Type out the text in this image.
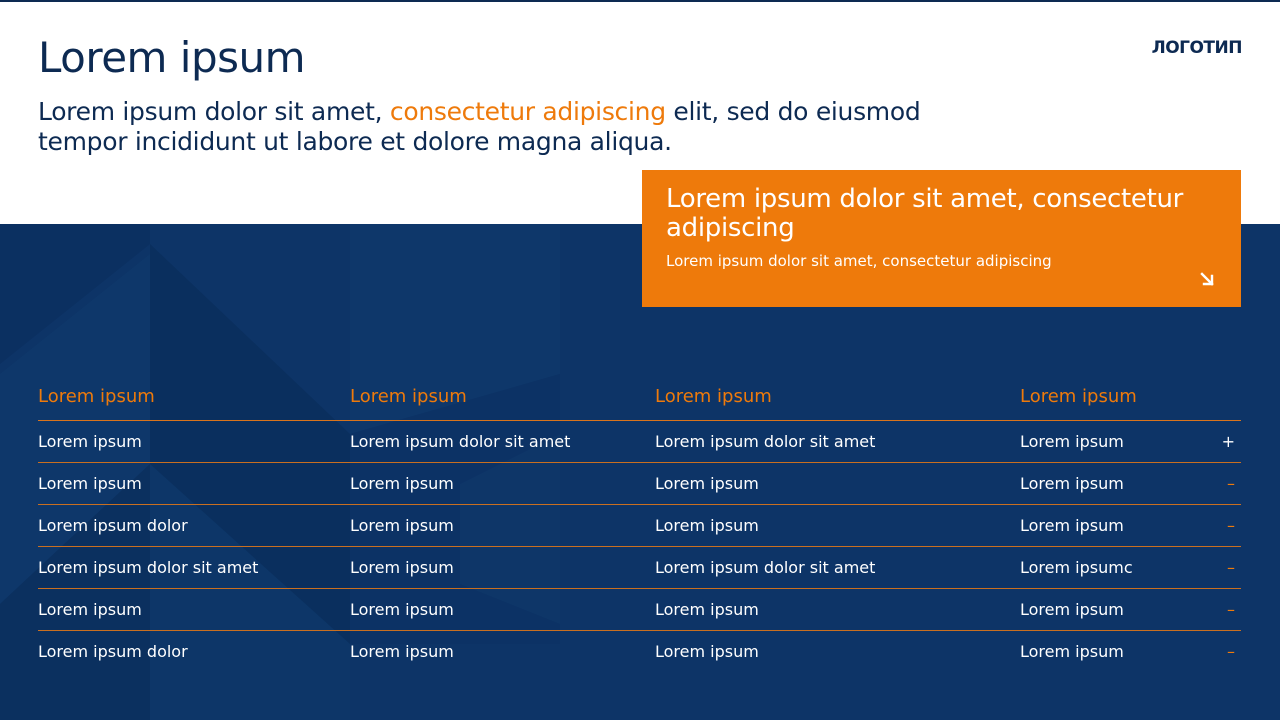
Lorem ipsum	ЛОГОТИП

Lorem ipsum dolor sit amet, consectetur adipiscing elit, sed do eiusmod tempor incididunt ut labore et dolore magna aliqua.

Lorem ipsum dolor sit amet, consectetur adipiscing
Lorem ipsum dolor sit amet, consectetur adipiscing
Lorem ipsum	Lorem ipsum	Lorem ipsum	Lorem ipsum	
Lorem ipsum	Lorem ipsum dolor sit amet	Lorem ipsum dolor sit amet	Lorem ipsum	+
Lorem ipsum	Lorem ipsum	Lorem ipsum	Lorem ipsum	–
Lorem ipsum dolor	Lorem ipsum	Lorem ipsum	Lorem ipsum	–
Lorem ipsum dolor sit amet	Lorem ipsum	Lorem ipsum dolor sit amet	Lorem ipsumc	–
Lorem ipsum	Lorem ipsum	Lorem ipsum	Lorem ipsum	–
Lorem ipsum dolor	Lorem ipsum	Lorem ipsum	Lorem ipsum	–
